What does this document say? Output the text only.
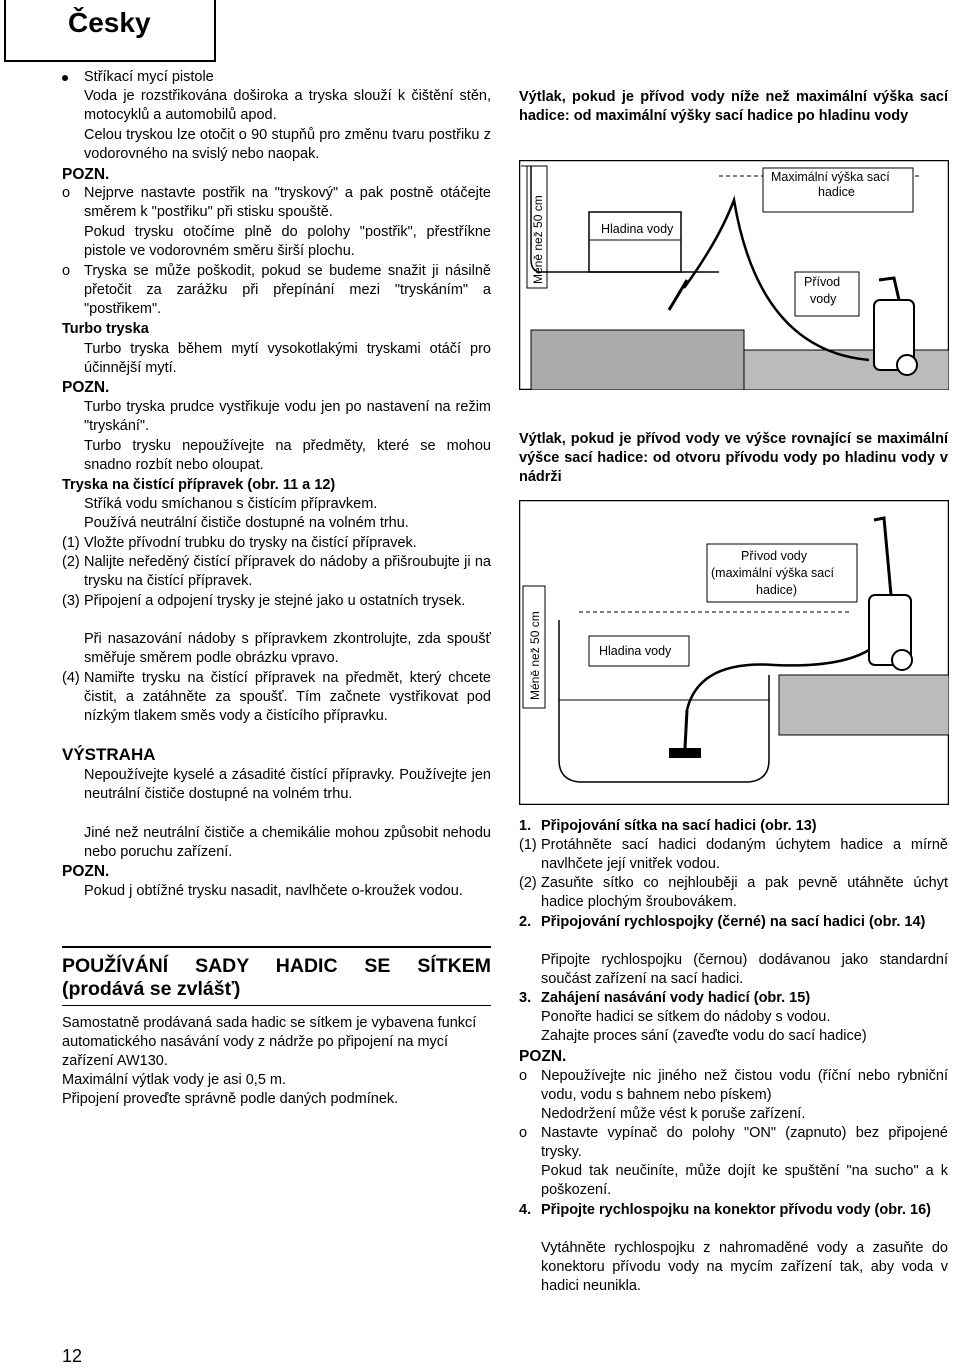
Česky
Stříkací mycí pistole
Voda je rozstřikována doširoka a tryska slouží k čištění stěn, motocyklů a automobilů apod.
Celou tryskou lze otočit o 90 stupňů pro změnu tvaru postřiku z vodorovného na svislý nebo naopak.
POZN.
o Nejprve nastavte postřik na "tryskový" a pak postně otáčejte směrem k "postřiku" při stisku spouště.
Pokud trysku otočíme plně do polohy "postřik", přestříkne pistole ve vodorovném směru širší plochu.
o Tryska se může poškodit, pokud se budeme snažit ji násilně přetočit za zarážku při přepínání mezi "tryskáním" a "postřikem".
Turbo tryska
Turbo tryska během mytí vysokotlakými tryskami otáčí pro účinnější mytí.
POZN.
Turbo tryska prudce vystřikuje vodu jen po nastavení na režim "tryskání".
Turbo trysku nepoužívejte na předměty, které se mohou snadno rozbít nebo oloupat.
Tryska na čistící přípravek (obr. 11 a 12)
Stříká vodu smíchanou s čistícím přípravkem.
Používá neutrální čističe dostupné na volném trhu.
(1) Vložte přívodní trubku do trysky na čistící přípravek.
(2) Nalijte neředěný čistící přípravek do nádoby a přišroubujte ji na trysku na čistící přípravek.
(3) Připojení a odpojení trysky je stejné jako u ostatních trysek.
Při nasazování nádoby s přípravkem zkontrolujte, zda spoušť směřuje směrem podle obrázku vpravo.
(4) Namiřte trysku na čistící přípravek na předmět, který chcete čistit, a zatáhněte za spoušť. Tím začnete vystřikovat pod nízkým tlakem směs vody a čistícího přípravku.
VÝSTRAHA
Nepoužívejte kyselé a zásadité čistící přípravky. Používejte jen neutrální čističe dostupné na volném trhu.
Jiné než neutrální čističe a chemikálie mohou způsobit nehodu nebo poruchu zařízení.
POZN.
Pokud j obtížné trysku nasadit, navlhčete o-kroužek vodou.
POUŽÍVÁNÍ SADY HADIC SE SÍTKEM (prodává se zvlášť)
Samostatně prodávaná sada hadic se sítkem je vybavena funkcí automatického nasávání vody z nádrže po připojení na mycí zařízení AW130.
Maximální výtlak vody je asi 0,5 m.
Připojení proveďte správně podle daných podmínek.
Výtlak, pokud je přívod vody níže než maximální výška sací hadice: od maximální výšky sací hadice po hladinu vody
Méně než 50 cm	Hladina vody
Maximální výška sací
hadice
Přívod
vody
Výtlak, pokud je přívod vody ve výšce rovnající se maximální výšce sací hadice: od otvoru přívodu vody po hladinu vody v nádrži
Přívod vody
(maximální výška sací
hadice)
Méně než 50 cm	Hladina vody
1. Připojování sítka na sací hadici (obr. 13)
(1) Protáhněte sací hadici dodaným úchytem hadice a mírně navlhčete její vnitřek vodou.
(2) Zasuňte sítko co nejhlouběji a pak pevně utáhněte úchyt hadice plochým šroubovákem.
2. Připojování rychlospojky (černé) na sací hadici (obr. 14)
Připojte rychlospojku (černou) dodávanou jako standardní součást zařízení na sací hadici.
3. Zahájení nasávání vody hadicí (obr. 15)
Ponořte hadici se sítkem do nádoby s vodou.
Zahajte proces sání (zaveďte vodu do sací hadice)
POZN.
o Nepoužívejte nic jiného než čistou vodu (říční nebo rybniční vodu, vodu s bahnem nebo pískem)
Nedodržení může vést k poruše zařízení.
o Nastavte vypínač do polohy "ON" (zapnuto) bez připojené trysky.
Pokud tak neučiníte, může dojít ke spuštění "na sucho" a k poškození.
4. Připojte rychlospojku na konektor přívodu vody (obr. 16)
Vytáhněte rychlospojku z nahromaděné vody a zasuňte do konektoru přívodu vody na mycím zařízení tak, aby voda v hadici neunikla.
12
